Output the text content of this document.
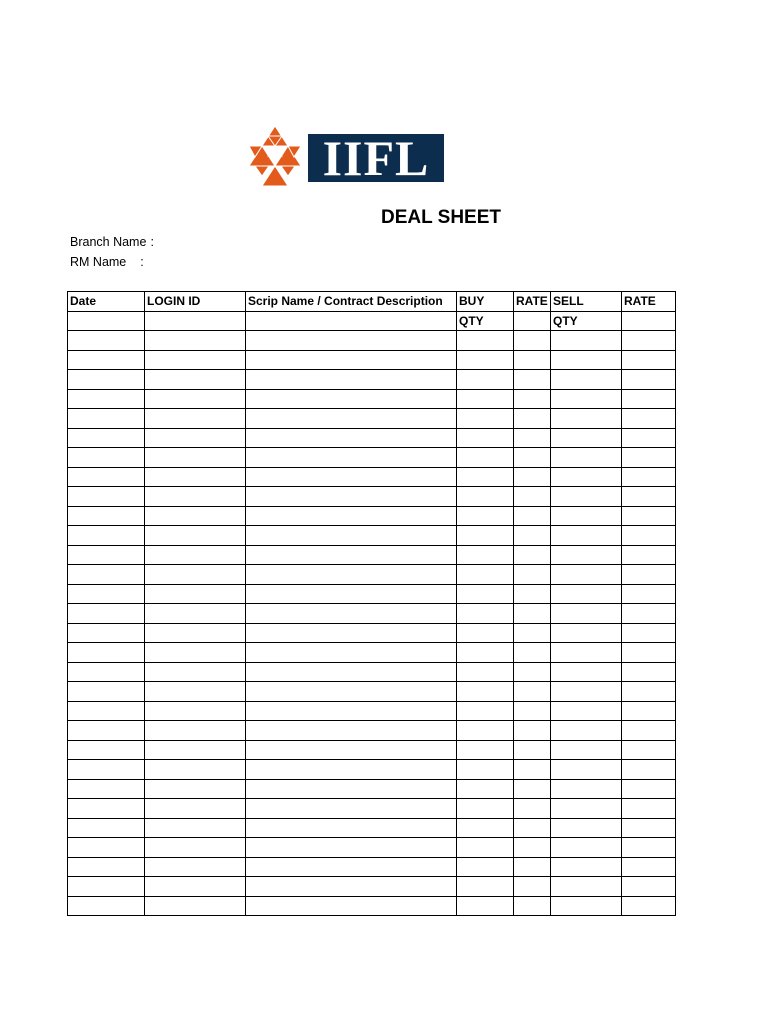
IIFL
DEAL SHEET
Branch Name :
RM Name :
Date	LOGIN ID	Scrip Name / Contract Description	BUY	RATE	SELL	RATE
			QTY		QTY	
